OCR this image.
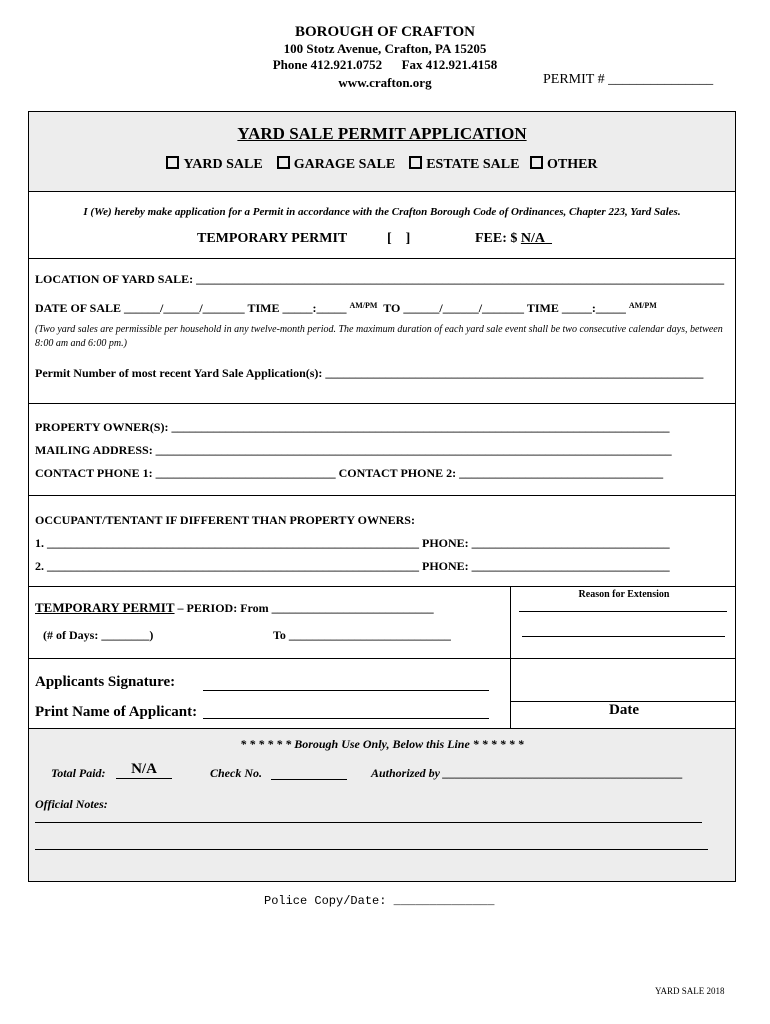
BOROUGH OF CRAFTON
100 Stotz Avenue, Crafton, PA 15205
Phone 412.921.0752 Fax 412.921.4158
www.crafton.org	PERMIT # _______________
YARD SALE PERMIT APPLICATION
YARD SALE GARAGE SALE ESTATE SALE OTHER
I (We) hereby make application for a Permit in accordance with the Crafton Borough Code of Ordinances, Chapter 223, Yard Sales.
TEMPORARY PERMIT	[    ]	FEE: $ N/A
LOCATION OF YARD SALE: ________________________________________________________________________________________
DATE OF SALE ______/______/_______ TIME _____:_____ $^{AM/PM}$ TO ______/______/_______ TIME _____:_____ $^{AM/PM}$
(Two yard sales are permissible per household in any twelve-month period. The maximum duration of each yard sale event shall be two consecutive calendar days, between 8:00 am and 6:00 pm.)
Permit Number of most recent Yard Sale Application(s): _______________________________________________________________
PROPERTY OWNER(S): ___________________________________________________________________________________
MAILING ADDRESS: ______________________________________________________________________________________
CONTACT PHONE 1: ______________________________ CONTACT PHONE 2: __________________________________
OCCUPANT/TENTANT IF DIFFERENT THAN PROPERTY OWNERS:
1. ______________________________________________________________ PHONE: _________________________________
2. ______________________________________________________________ PHONE: _________________________________
TEMPORARY PERMIT – PERIOD: From ___________________________
(# of Days: ________)	To ___________________________
Reason for Extension
Applicants Signature:
Print Name of Applicant:	Date
* * * * * * Borough Use Only, Below this Line * * * * * *
Total Paid:	N/A	Check No.	Authorized by ________________________________________
Official Notes:
Police Copy/Date: ______________
YARD SALE 2018
